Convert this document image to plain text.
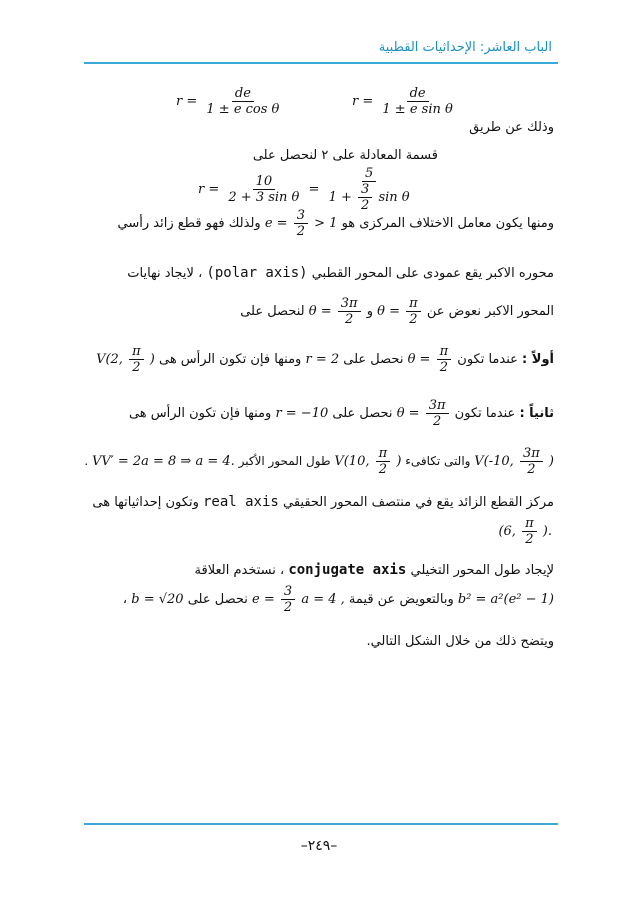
الباب العاشر: الإحداثيات القطبية
$r = \frac{de}{\text{1 ± e cos θ}}$	$r = \frac{de}{\text{1 ± e sin θ}}$
وذلك عن طريق
قسمة المعادلة على ٢ لنحصل على
$r = \frac{10}{\text{2 + 3 sin θ}} = \frac{5}{1 + \frac{3}{2} \sin \theta}$
ومنها يكون معامل الاختلاف المركزى هو $e = \frac{3}{2} > 1$ ولذلك فهو قطع زائد رأسي
محوره الاكبر يقع عمودى على المحور القطبي (polar axis) ، لايجاد نهايات
المحور الاكبر نعوض عن $\theta = \frac{\pi}{2}$
و $\theta = \frac{3\pi}{2}$
لنحصل على
أولاً : عندما تكون $\theta = \frac{\pi}{2}$
نحصل على r = 2 ومنها فإن تكون الرأس هى V(2, $\frac{\pi}{2}$ )
ثانياً : عندما تكون $\theta = \frac{3\pi}{2}$
نحصل على r = −10 ومنها فإن تكون الرأس هى
V(-10, $\frac{3\pi}{2}$ ) والتى تكافىء V(10, $\frac{\pi}{2}$ ) طول المحور الأكبر VV′ = 2a = 8 ⇒ a = 4. .
مركز القطع الزائد يقع في منتصف المحور الحقيقي real axis وتكون إحداثياتها هى
(6, $\frac{\pi}{2}$ ).
لإيجاد طول المحور التخيلي conjugate axis ، نستخدم العلاقة
b² = a²(e² − 1) وبالتعويض عن قيمة $e = \frac{3}{2}$ a = 4 , نحصل على b = √20 ،
ويتضح ذلك من خلال الشكل التالي.
–٢٤٩–
